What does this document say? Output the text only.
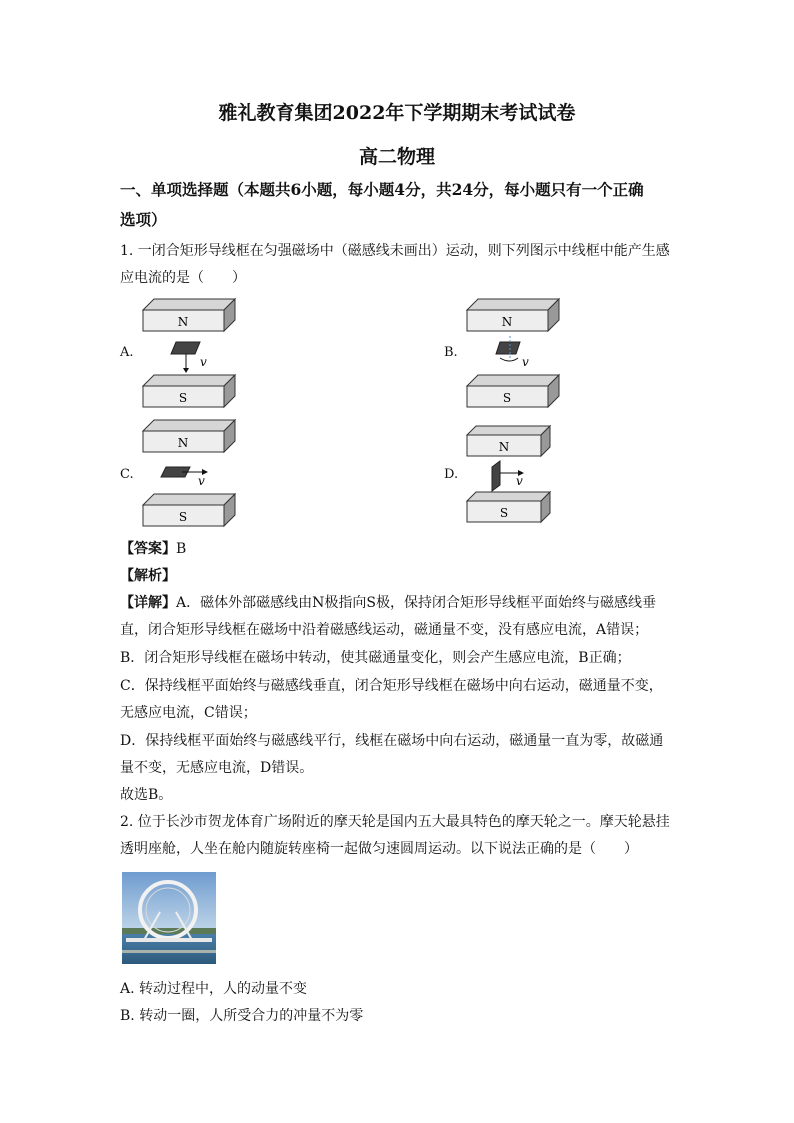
雅礼教育集团2022年下学期期末考试试卷
高二物理
一、单项选择题（本题共6小题，每小题4分，共24分，每小题只有一个正确
选项）
1. 一闭合矩形导线框在匀强磁场中（磁感线未画出）运动，则下列图示中线框中能产生感
应电流的是（　　）
A.
N
v
S
B.
N
v
S
C.
N
v
S
D.
N
v
S
【答案】B
【解析】
【详解】A．磁体外部磁感线由N极指向S极，保持闭合矩形导线框平面始终与磁感线垂
直，闭合矩形导线框在磁场中沿着磁感线运动，磁通量不变，没有感应电流，A错误；
B．闭合矩形导线框在磁场中转动，使其磁通量变化，则会产生感应电流，B正确；
C．保持线框平面始终与磁感线垂直，闭合矩形导线框在磁场中向右运动，磁通量不变，
无感应电流，C错误；
D．保持线框平面始终与磁感线平行，线框在磁场中向右运动，磁通量一直为零，故磁通
量不变，无感应电流，D错误。
故选B。
2. 位于长沙市贺龙体育广场附近的摩天轮是国内五大最具特色的摩天轮之一。摩天轮悬挂
透明座舱，人坐在舱内随旋转座椅一起做匀速圆周运动。以下说法正确的是（　　）
A. 转动过程中，人的动量不变
B. 转动一圈，人所受合力的冲量不为零
